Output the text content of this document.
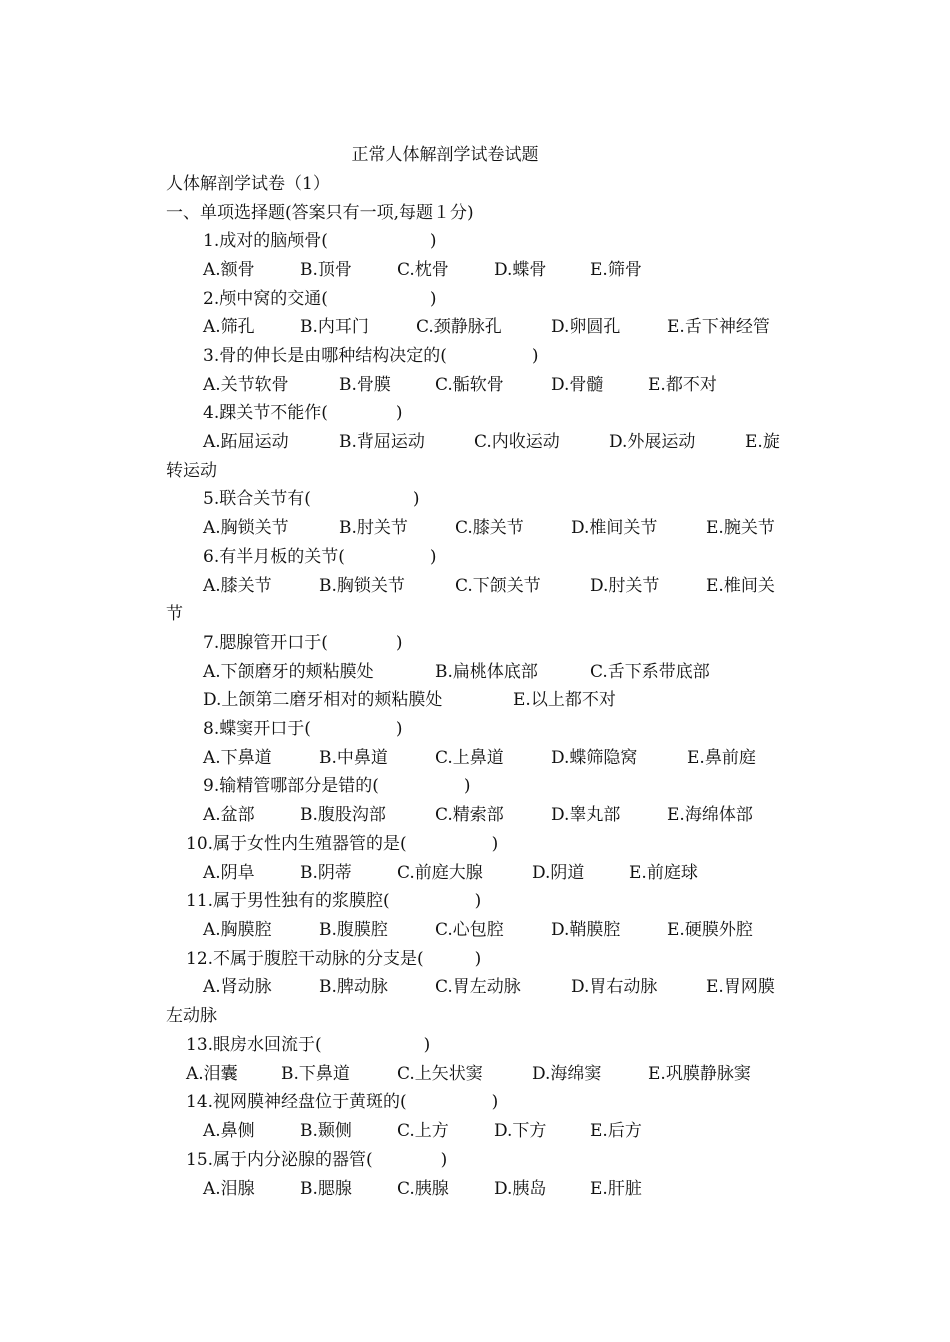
正常人体解剖学试卷试题
人体解剖学试卷（1）
一、单项选择题(答案只有一项,每题１分)
1.成对的脑颅骨(　　　　　　)
A.额骨	B.顶骨	C.枕骨	D.蝶骨	E.筛骨
2.颅中窝的交通(　　　　　　)
A.筛孔	B.内耳门	C.颈静脉孔	D.卵圆孔	E.舌下神经管
3.骨的伸长是由哪种结构决定的(　　　　　)
A.关节软骨	B.骨膜	C.骺软骨	D.骨髓	E.都不对
4.踝关节不能作(　　　　)
A.跖屈运动	B.背屈运动	C.内收运动	D.外展运动	E.旋
转运动
5.联合关节有(　　　　　　)
A.胸锁关节	B.肘关节	C.膝关节	D.椎间关节	E.腕关节
6.有半月板的关节(　　　　　)
A.膝关节	B.胸锁关节	C.下颌关节	D.肘关节	E.椎间关
节
7.腮腺管开口于(　　　　)
A.下颌磨牙的颊粘膜处	B.扁桃体底部	C.舌下系带底部
D.上颌第二磨牙相对的颊粘膜处	E.以上都不对
8.蝶窦开口于(　　　　　)
A.下鼻道	B.中鼻道	C.上鼻道	D.蝶筛隐窝	E.鼻前庭
9.输精管哪部分是错的(　　　　　)
A.盆部	B.腹股沟部	C.精索部	D.睾丸部	E.海绵体部
10.属于女性内生殖器管的是(　　　　　)
A.阴阜	B.阴蒂	C.前庭大腺	D.阴道	E.前庭球
11.属于男性独有的浆膜腔(　　　　　)
A.胸膜腔	B.腹膜腔	C.心包腔	D.鞘膜腔	E.硬膜外腔
12.不属于腹腔干动脉的分支是(　　　)
A.肾动脉	B.脾动脉	C.胃左动脉	D.胃右动脉	E.胃网膜
左动脉
13.眼房水回流于(　　　　　　)
A.泪囊	B.下鼻道	C.上矢状窦	D.海绵窦	E.巩膜静脉窦
14.视网膜神经盘位于黄斑的(　　　　　)
A.鼻侧	B.颞侧	C.上方	D.下方	E.后方
15.属于内分泌腺的器管(　　　　)
A.泪腺	B.腮腺	C.胰腺	D.胰岛	E.肝脏
